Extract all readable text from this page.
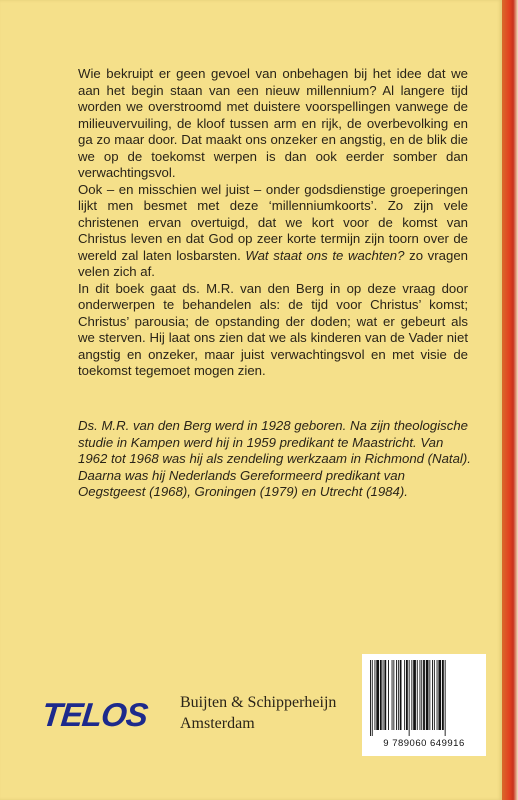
Wie bekruipt er geen gevoel van onbehagen bij het idee dat we aan het begin staan van een nieuw millennium? Al langere tijd worden we overstroomd met duistere voorspellingen vanwege de milieuvervuiling, de kloof tussen arm en rijk, de overbevolking en ga zo maar door. Dat maakt ons onzeker en angstig, en de blik die we op de toekomst werpen is dan ook eerder somber dan verwachtingsvol.

Ook – en misschien wel juist – onder godsdienstige groeperingen lijkt men besmet met deze ‘millenniumkoorts’. Zo zijn vele christenen ervan overtuigd, dat we kort voor de komst van Christus leven en dat God op zeer korte termijn zijn toorn over de wereld zal laten losbarsten. Wat staat ons te wachten? zo vragen velen zich af.

In dit boek gaat ds. M.R. van den Berg in op deze vraag door onderwerpen te behandelen als: de tijd voor Christus’ komst; Christus’ parousia; de opstanding der doden; wat er gebeurt als we sterven. Hij laat ons zien dat we als kinderen van de Vader niet angstig en onzeker, maar juist verwachtingsvol en met visie de toekomst tegemoet mogen zien.

Ds. M.R. van den Berg werd in 1928 geboren. Na zijn theologische studie in Kampen werd hij in 1959 predikant te Maastricht. Van 1962 tot 1968 was hij als zendeling werkzaam in Richmond (Natal). Daarna was hij Nederlands Gereformeerd predikant van Oegstgeest (1968), Groningen (1979) en Utrecht (1984).
TELOS Buijten & Schipperheijn
Amsterdam
9 789060 649916
